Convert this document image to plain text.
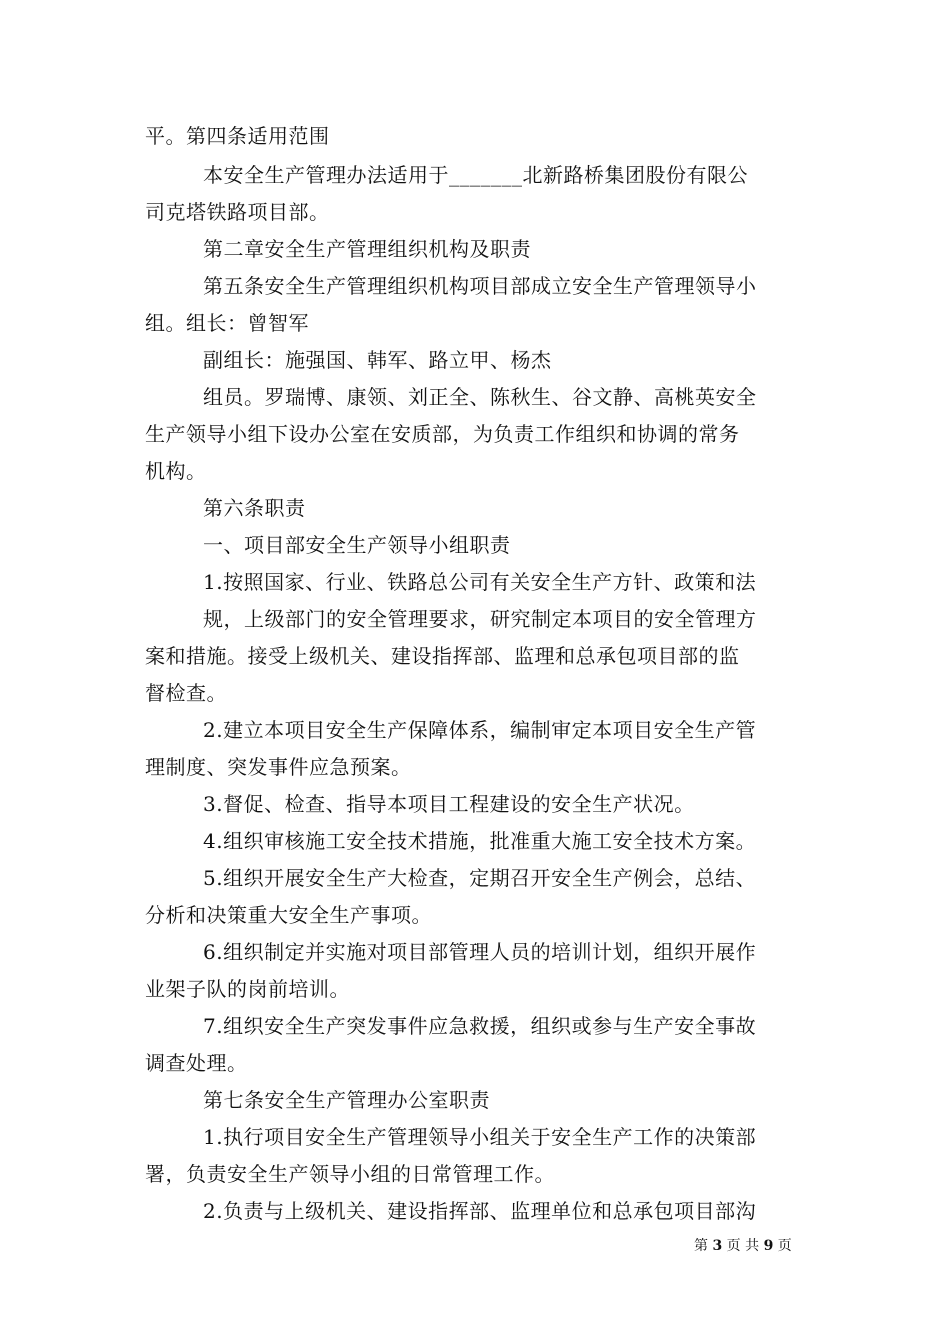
平。第四条适用范围
本安全生产管理办法适用于_______北新路桥集团股份有限公
司克塔铁路项目部。
第二章安全生产管理组织机构及职责
第五条安全生产管理组织机构项目部成立安全生产管理领导小
组。组长：曾智军
副组长：施强国、韩军、路立甲、杨杰
组员。罗瑞博、康领、刘正全、陈秋生、谷文静、高桃英安全
生产领导小组下设办公室在安质部，为负责工作组织和协调的常务
机构。
第六条职责
一、项目部安全生产领导小组职责
1.按照国家、行业、铁路总公司有关安全生产方针、政策和法
规，上级部门的安全管理要求，研究制定本项目的安全管理方
案和措施。接受上级机关、建设指挥部、监理和总承包项目部的监
督检查。
2.建立本项目安全生产保障体系，编制审定本项目安全生产管
理制度、突发事件应急预案。
3.督促、检查、指导本项目工程建设的安全生产状况。
4.组织审核施工安全技术措施，批准重大施工安全技术方案。
5.组织开展安全生产大检查，定期召开安全生产例会，总结、
分析和决策重大安全生产事项。
6.组织制定并实施对项目部管理人员的培训计划，组织开展作
业架子队的岗前培训。
7.组织安全生产突发事件应急救援，组织或参与生产安全事故
调查处理。
第七条安全生产管理办公室职责
1.执行项目安全生产管理领导小组关于安全生产工作的决策部
署，负责安全生产领导小组的日常管理工作。
2.负责与上级机关、建设指挥部、监理单位和总承包项目部沟
第 3 页 共 9 页
